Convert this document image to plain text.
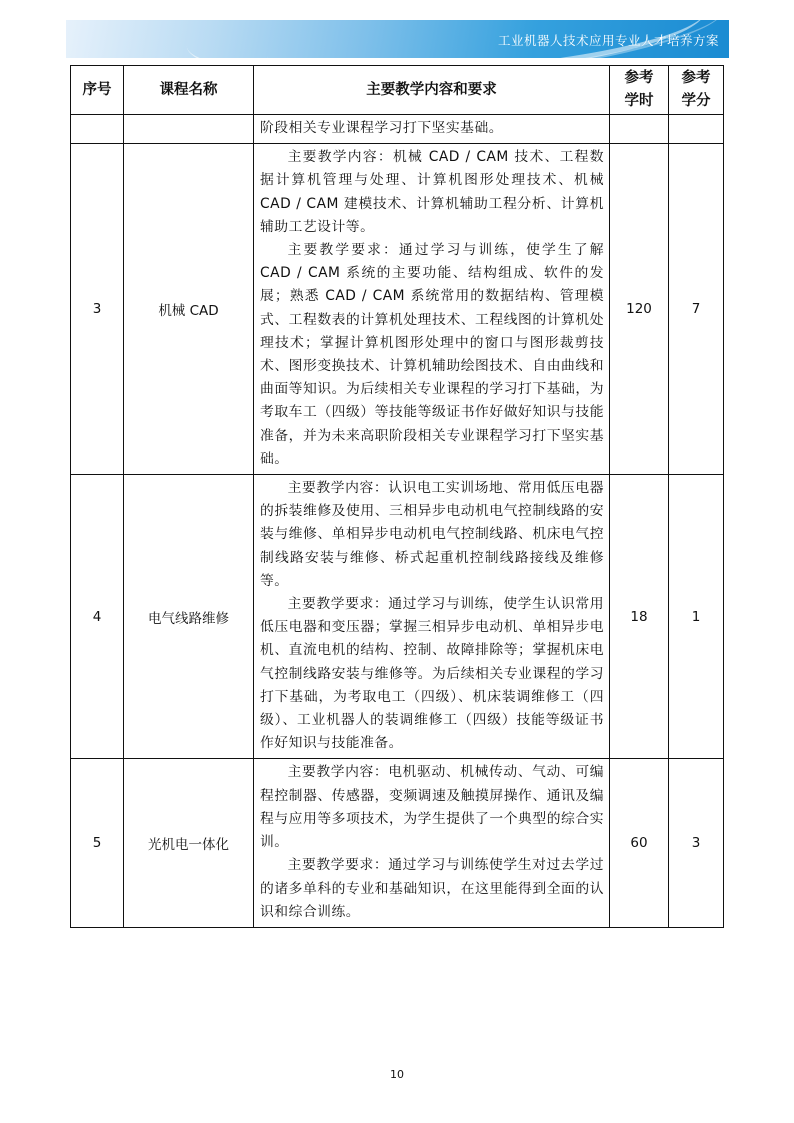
工业机器人技术应用专业人才培养方案
序号	课程名称	主要教学内容和要求	参考学时	参考学分

		阶段相关专业课程学习打下坚实基础。		

3	机械 CAD	主要教学内容：机械 CAD / CAM 技术、工程数据计算机管理与处理、计算机图形处理技术、机械 CAD / CAM 建模技术、计算机辅助工程分析、计算机辅助工艺设计等。

主要教学要求：通过学习与训练，使学生了解 CAD / CAM 系统的主要功能、结构组成、软件的发展；熟悉 CAD / CAM 系统常用的数据结构、管理模式、工程数表的计算机处理技术、工程线图的计算机处理技术；掌握计算机图形处理中的窗口与图形裁剪技术、图形变换技术、计算机辅助绘图技术、自由曲线和曲面等知识。为后续相关专业课程的学习打下基础，为考取车工（四级）等技能等级证书作好做好知识与技能准备，并为未来高职阶段相关专业课程学习打下坚实基础。	120	7
4	电气线路维修	主要教学内容：认识电工实训场地、常用低压电器的拆装维修及使用、三相异步电动机电气控制线路的安装与维修、单相异步电动机电气控制线路、机床电气控制线路安装与维修、桥式起重机控制线路接线及维修等。

主要教学要求：通过学习与训练，使学生认识常用低压电器和变压器；掌握三相异步电动机、单相异步电机、直流电机的结构、控制、故障排除等；掌握机床电气控制线路安装与维修等。为后续相关专业课程的学习打下基础，为考取电工（四级）、机床装调维修工（四级）、工业机器人的装调维修工（四级）技能等级证书作好知识与技能准备。	18	1
5	光机电一体化	主要教学内容：电机驱动、机械传动、气动、可编程控制器、传感器，变频调速及触摸屏操作、通讯及编程与应用等多项技术，为学生提供了一个典型的综合实训。

主要教学要求：通过学习与训练使学生对过去学过的诸多单科的专业和基础知识，在这里能得到全面的认识和综合训练。	60	3
10
